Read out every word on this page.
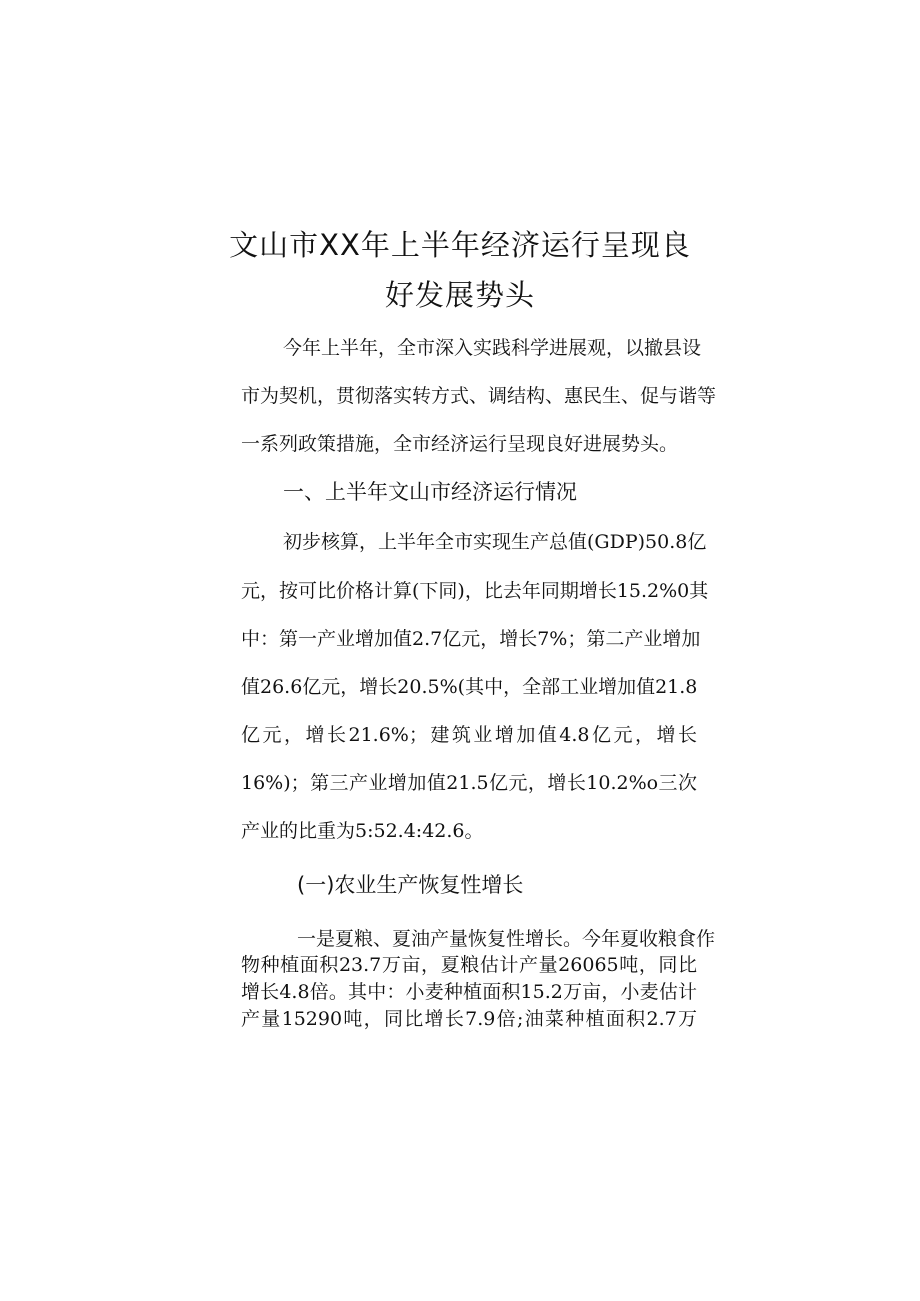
文山市XX年上半年经济运行呈现良
好发展势头
今年上半年，全市深入实践科学进展观，以撤县设
市为契机，贯彻落实转方式、调结构、惠民生、促与谐等
一系列政策措施，全市经济运行呈现良好进展势头。
一、上半年文山市经济运行情况
初步核算，上半年全市实现生产总值(GDP)50.8亿
元，按可比价格计算(下同)，比去年同期增长15.2%0其
中：第一产业增加值2.7亿元，增长7%；第二产业增加
值26.6亿元，增长20.5%(其中，全部工业增加值21.8
亿元，增长21.6%；建筑业增加值4.8亿元，增长
16%)；第三产业增加值21.5亿元，增长10.2%o三次
产业的比重为5:52.4:42.6。
(一)农业生产恢复性增长
一是夏粮、夏油产量恢复性增长。今年夏收粮食作
物种植面积23.7万亩，夏粮估计产量26065吨，同比
增长4.8倍。其中：小麦种植面积15.2万亩，小麦估计
产量15290吨，同比增长7.9倍;油菜种植面积2.7万
